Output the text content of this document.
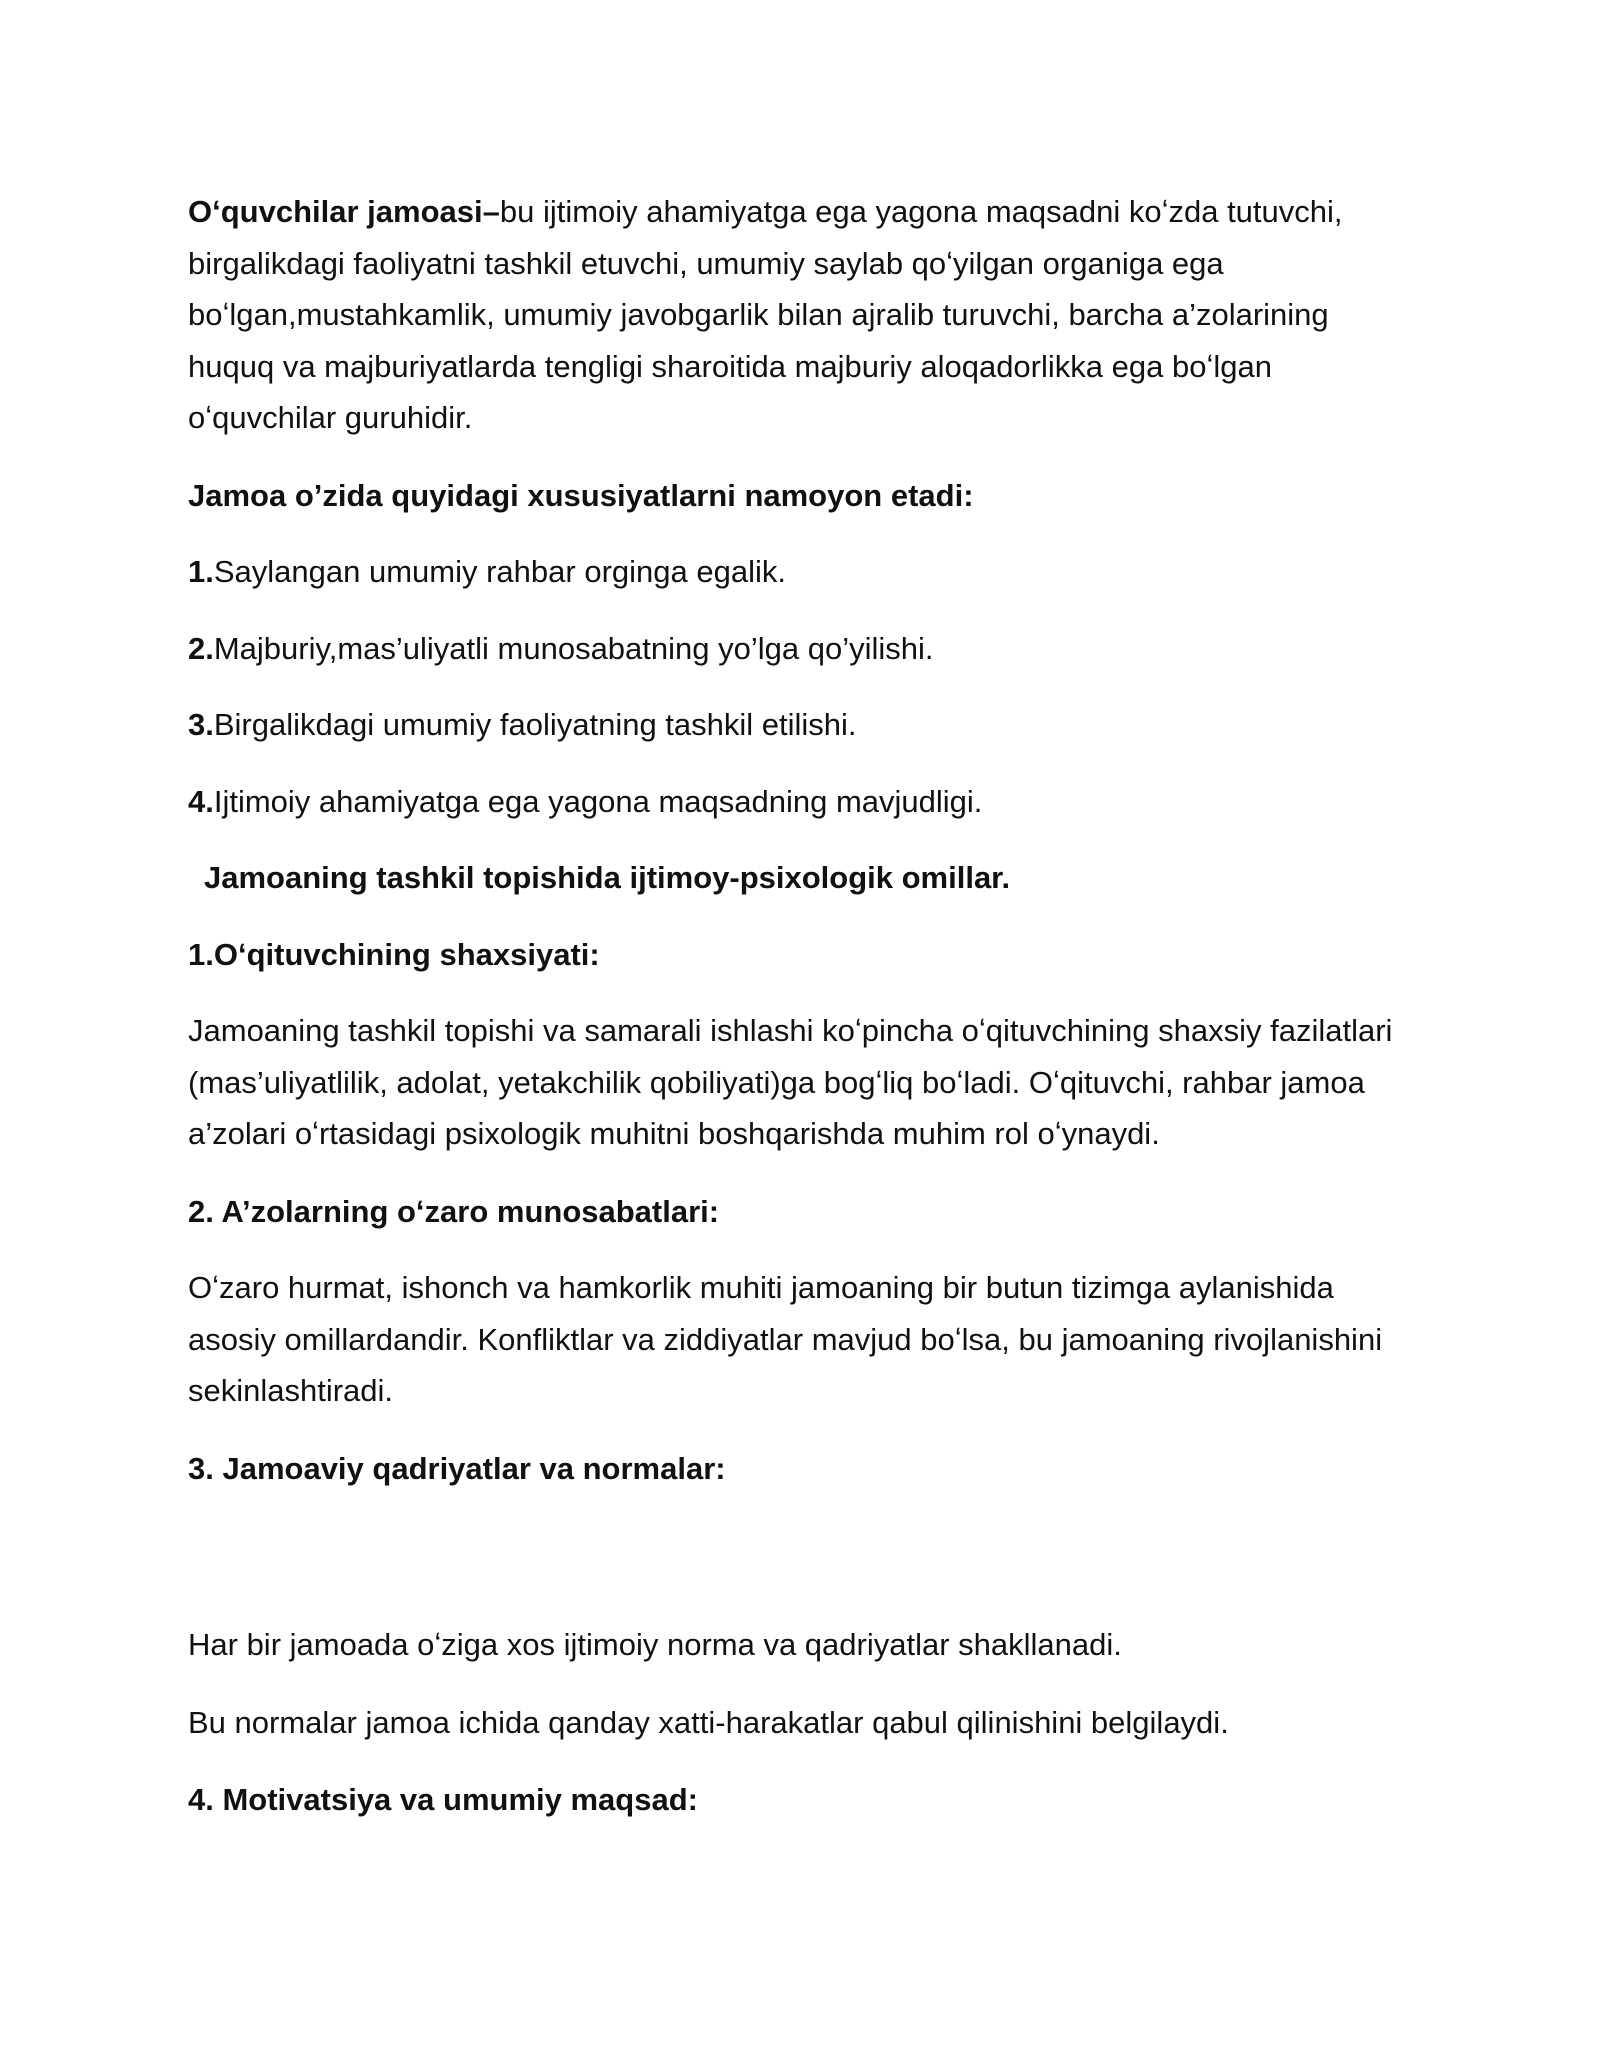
Oʻquvchilar jamoasi–bu ijtimoiy ahamiyatga ega yagona maqsadni koʻzda tutuvchi, birgalikdagi faoliyatni tashkil etuvchi, umumiy saylab qoʻyilgan organiga ega boʻlgan,mustahkamlik, umumiy javobgarlik bilan ajralib turuvchi, barcha a’zolarining huquq va majburiyatlarda tengligi sharoitida majburiy aloqadorlikka ega boʻlgan oʻquvchilar guruhidir.

Jamoa o’zida quyidagi xususiyatlarni namoyon etadi:

1.Saylangan umumiy rahbar orginga egalik.

2.Majburiy,mas’uliyatli munosabatning yo’lga qo’yilishi.

3.Birgalikdagi umumiy faoliyatning tashkil etilishi.

4.Ijtimoiy ahamiyatga ega yagona maqsadning mavjudligi.

Jamoaning tashkil topishida ijtimoy-psixologik omillar.

1.Oʻqituvchining shaxsiyati:

Jamoaning tashkil topishi va samarali ishlashi koʻpincha oʻqituvchining shaxsiy fazilatlari (mas’uliyatlilik, adolat, yetakchilik qobiliyati)ga bogʻliq boʻladi. Oʻqituvchi, rahbar jamoa a’zolari oʻrtasidagi psixologik muhitni boshqarishda muhim rol oʻynaydi.

2. A’zolarning oʻzaro munosabatlari:

Oʻzaro hurmat, ishonch va hamkorlik muhiti jamoaning bir butun tizimga aylanishida asosiy omillardandir. Konfliktlar va ziddiyatlar mavjud boʻlsa, bu jamoaning rivojlanishini sekinlashtiradi.

3. Jamoaviy qadriyatlar va normalar:

Har bir jamoada oʻziga xos ijtimoiy norma va qadriyatlar shakllanadi.

Bu normalar jamoa ichida qanday xatti-harakatlar qabul qilinishini belgilaydi.

4. Motivatsiya va umumiy maqsad:
